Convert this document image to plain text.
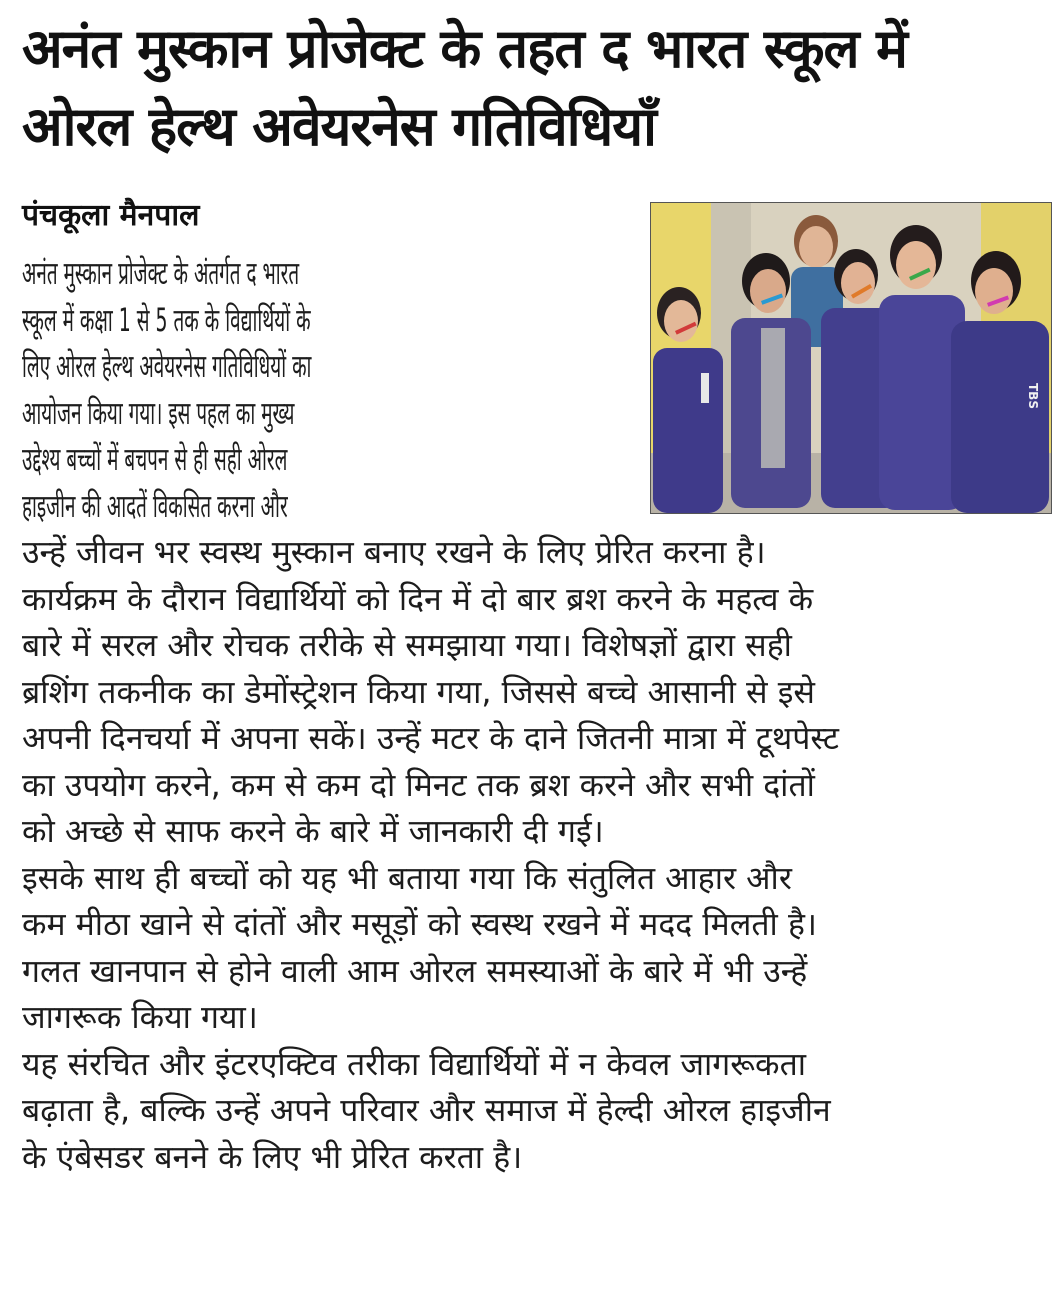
अनंत मुस्कान प्रोजेक्ट के तहत द भारत स्कूल में
ओरल हेल्थ अवेयरनेस गतिविधियाँ

पंचकूला मैनपाल

TBS
अनंत मुस्कान प्रोजेक्ट के अंतर्गत द भारत
स्कूल में कक्षा 1 से 5 तक के विद्यार्थियों के
लिए ओरल हेल्थ अवेयरनेस गतिविधियों का
आयोजन किया गया। इस पहल का मुख्य
उद्देश्य बच्चों में बचपन से ही सही ओरल
हाइजीन की आदतें विकसित करना और
उन्हें जीवन भर स्वस्थ मुस्कान बनाए रखने के लिए प्रेरित करना है।
कार्यक्रम के दौरान विद्यार्थियों को दिन में दो बार ब्रश करने के महत्व के
बारे में सरल और रोचक तरीके से समझाया गया। विशेषज्ञों द्वारा सही
ब्रशिंग तकनीक का डेमोंस्ट्रेशन किया गया, जिससे बच्चे आसानी से इसे
अपनी दिनचर्या में अपना सकें। उन्हें मटर के दाने जितनी मात्रा में टूथपेस्ट
का उपयोग करने, कम से कम दो मिनट तक ब्रश करने और सभी दांतों
को अच्छे से साफ करने के बारे में जानकारी दी गई।
इसके साथ ही बच्चों को यह भी बताया गया कि संतुलित आहार और
कम मीठा खाने से दांतों और मसूड़ों को स्वस्थ रखने में मदद मिलती है।
गलत खानपान से होने वाली आम ओरल समस्याओं के बारे में भी उन्हें
जागरूक किया गया।
यह संरचित और इंटरएक्टिव तरीका विद्यार्थियों में न केवल जागरूकता
बढ़ाता है, बल्कि उन्हें अपने परिवार और समाज में हेल्दी ओरल हाइजीन
के एंबेसडर बनने के लिए भी प्रेरित करता है।
